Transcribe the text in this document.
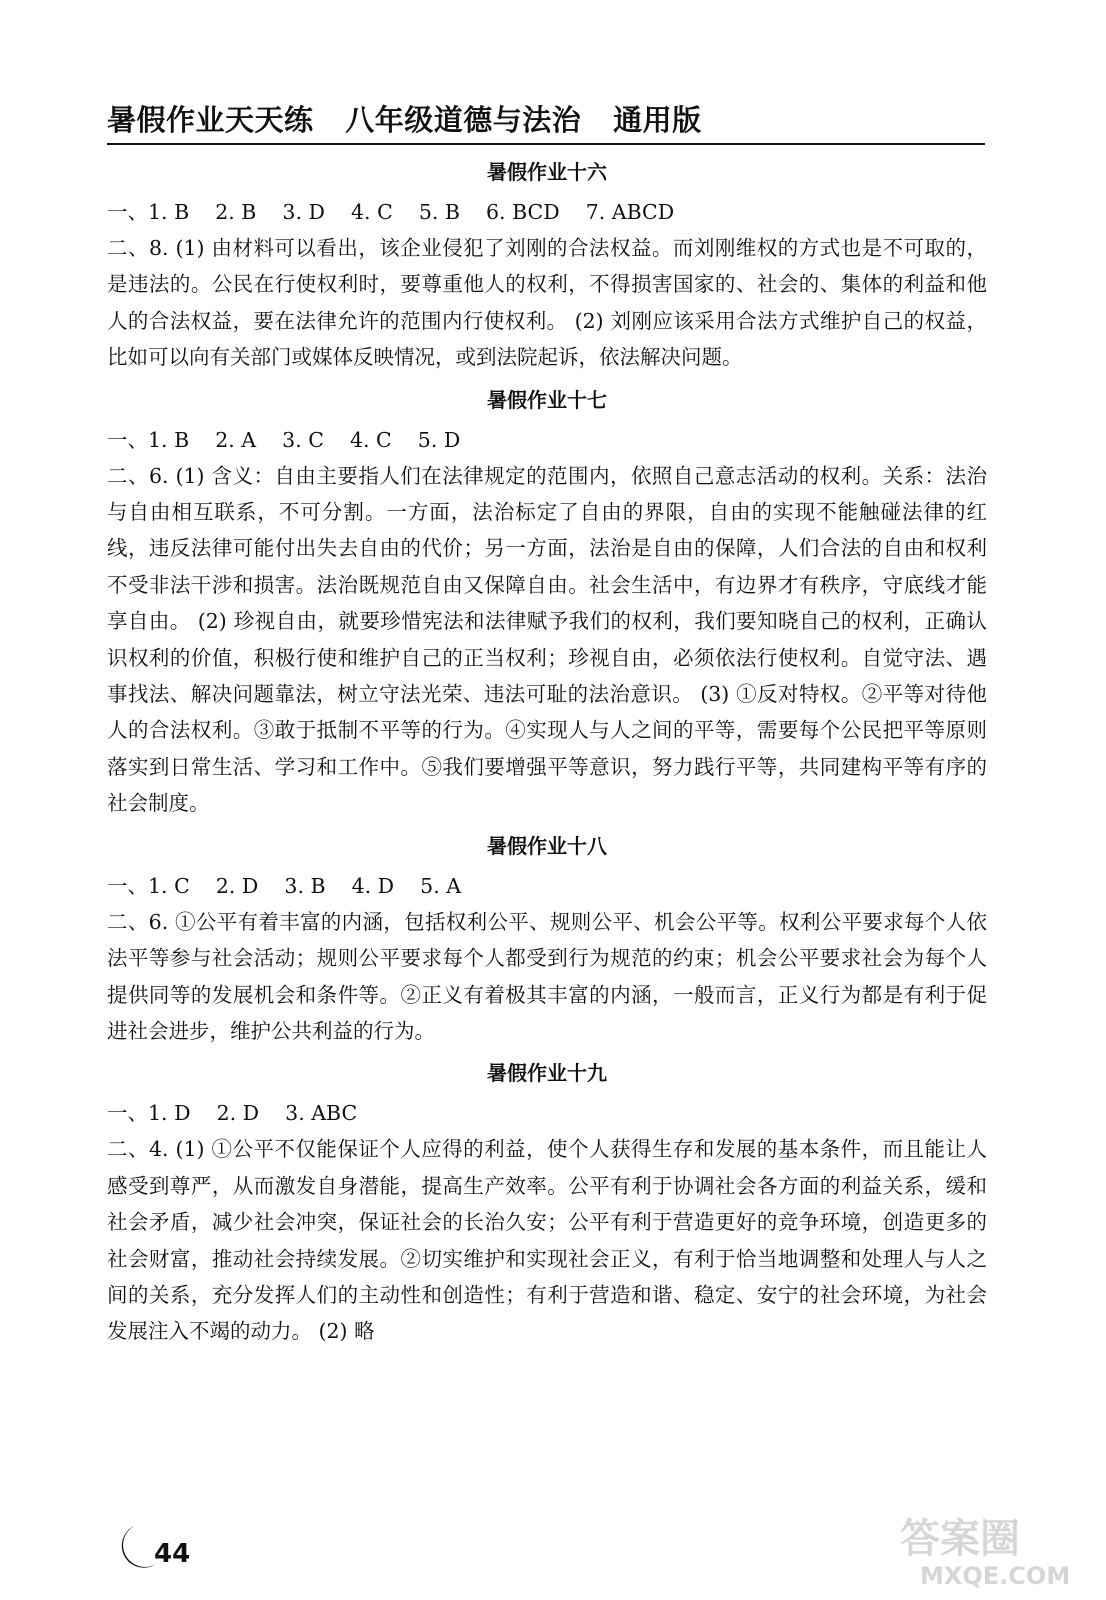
暑假作业天天练   八年级道德与法治   通用版
暑假作业十六
一、1. B    2. B    3. D    4. C    5. B    6. BCD    7. ABCD
二、8. (1) 由材料可以看出，该企业侵犯了刘刚的合法权益。而刘刚维权的方式也是不可取的，是违法的。公民在行使权利时，要尊重他人的权利，不得损害国家的、社会的、集体的利益和他人的合法权益，要在法律允许的范围内行使权利。 (2) 刘刚应该采用合法方式维护自己的权益，比如可以向有关部门或媒体反映情况，或到法院起诉，依法解决问题。
暑假作业十七
一、1. B    2. A    3. C    4. C    5. D
二、6. (1) 含义：自由主要指人们在法律规定的范围内，依照自己意志活动的权利。关系：法治与自由相互联系，不可分割。一方面，法治标定了自由的界限，自由的实现不能触碰法律的红线，违反法律可能付出失去自由的代价；另一方面，法治是自由的保障，人们合法的自由和权利不受非法干涉和损害。法治既规范自由又保障自由。社会生活中，有边界才有秩序，守底线才能享自由。 (2) 珍视自由，就要珍惜宪法和法律赋予我们的权利，我们要知晓自己的权利，正确认识权利的价值，积极行使和维护自己的正当权利；珍视自由，必须依法行使权利。自觉守法、遇事找法、解决问题靠法，树立守法光荣、违法可耻的法治意识。 (3) ①反对特权。②平等对待他人的合法权利。③敢于抵制不平等的行为。④实现人与人之间的平等，需要每个公民把平等原则落实到日常生活、学习和工作中。⑤我们要增强平等意识，努力践行平等，共同建构平等有序的社会制度。
暑假作业十八
一、1. C    2. D    3. B    4. D    5. A
二、6. ①公平有着丰富的内涵，包括权利公平、规则公平、机会公平等。权利公平要求每个人依法平等参与社会活动；规则公平要求每个人都受到行为规范的约束；机会公平要求社会为每个人提供同等的发展机会和条件等。②正义有着极其丰富的内涵，一般而言，正义行为都是有利于促进社会进步，维护公共利益的行为。
暑假作业十九
一、1. D    2. D    3. ABC
二、4. (1) ①公平不仅能保证个人应得的利益，使个人获得生存和发展的基本条件，而且能让人感受到尊严，从而激发自身潜能，提高生产效率。公平有利于协调社会各方面的利益关系，缓和社会矛盾，减少社会冲突，保证社会的长治久安；公平有利于营造更好的竞争环境，创造更多的社会财富，推动社会持续发展。②切实维护和实现社会正义，有利于恰当地调整和处理人与人之间的关系，充分发挥人们的主动性和创造性；有利于营造和谐、稳定、安宁的社会环境，为社会发展注入不竭的动力。 (2) 略
44	答案圈
MXQE.COM
